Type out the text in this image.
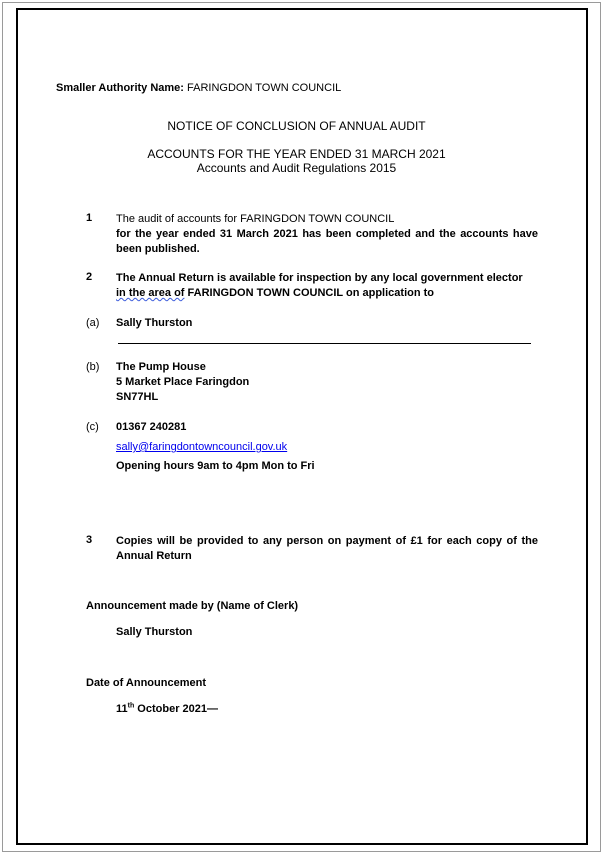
Smaller Authority Name: FARINGDON TOWN COUNCIL
NOTICE OF CONCLUSION OF ANNUAL AUDIT
ACCOUNTS FOR THE YEAR ENDED 31 MARCH 2021
Accounts and Audit Regulations 2015
1 The audit of accounts for FARINGDON TOWN COUNCIL
for the year ended 31 March 2021 has been completed and the accounts have been published.
2 The Annual Return is available for inspection by any local government elector
in the area of FARINGDON TOWN COUNCIL on application to
(a) Sally Thurston
(b) The Pump House
5 Market Place Faringdon
SN77HL
(c) 01367 240281
sally@faringdontowncouncil.gov.uk
Opening hours 9am to 4pm Mon to Fri
3 Copies will be provided to any person on payment of £1 for each copy of the Annual Return
Announcement made by (Name of Clerk)
Sally Thurston
Date of Announcement
11th October 2021—
